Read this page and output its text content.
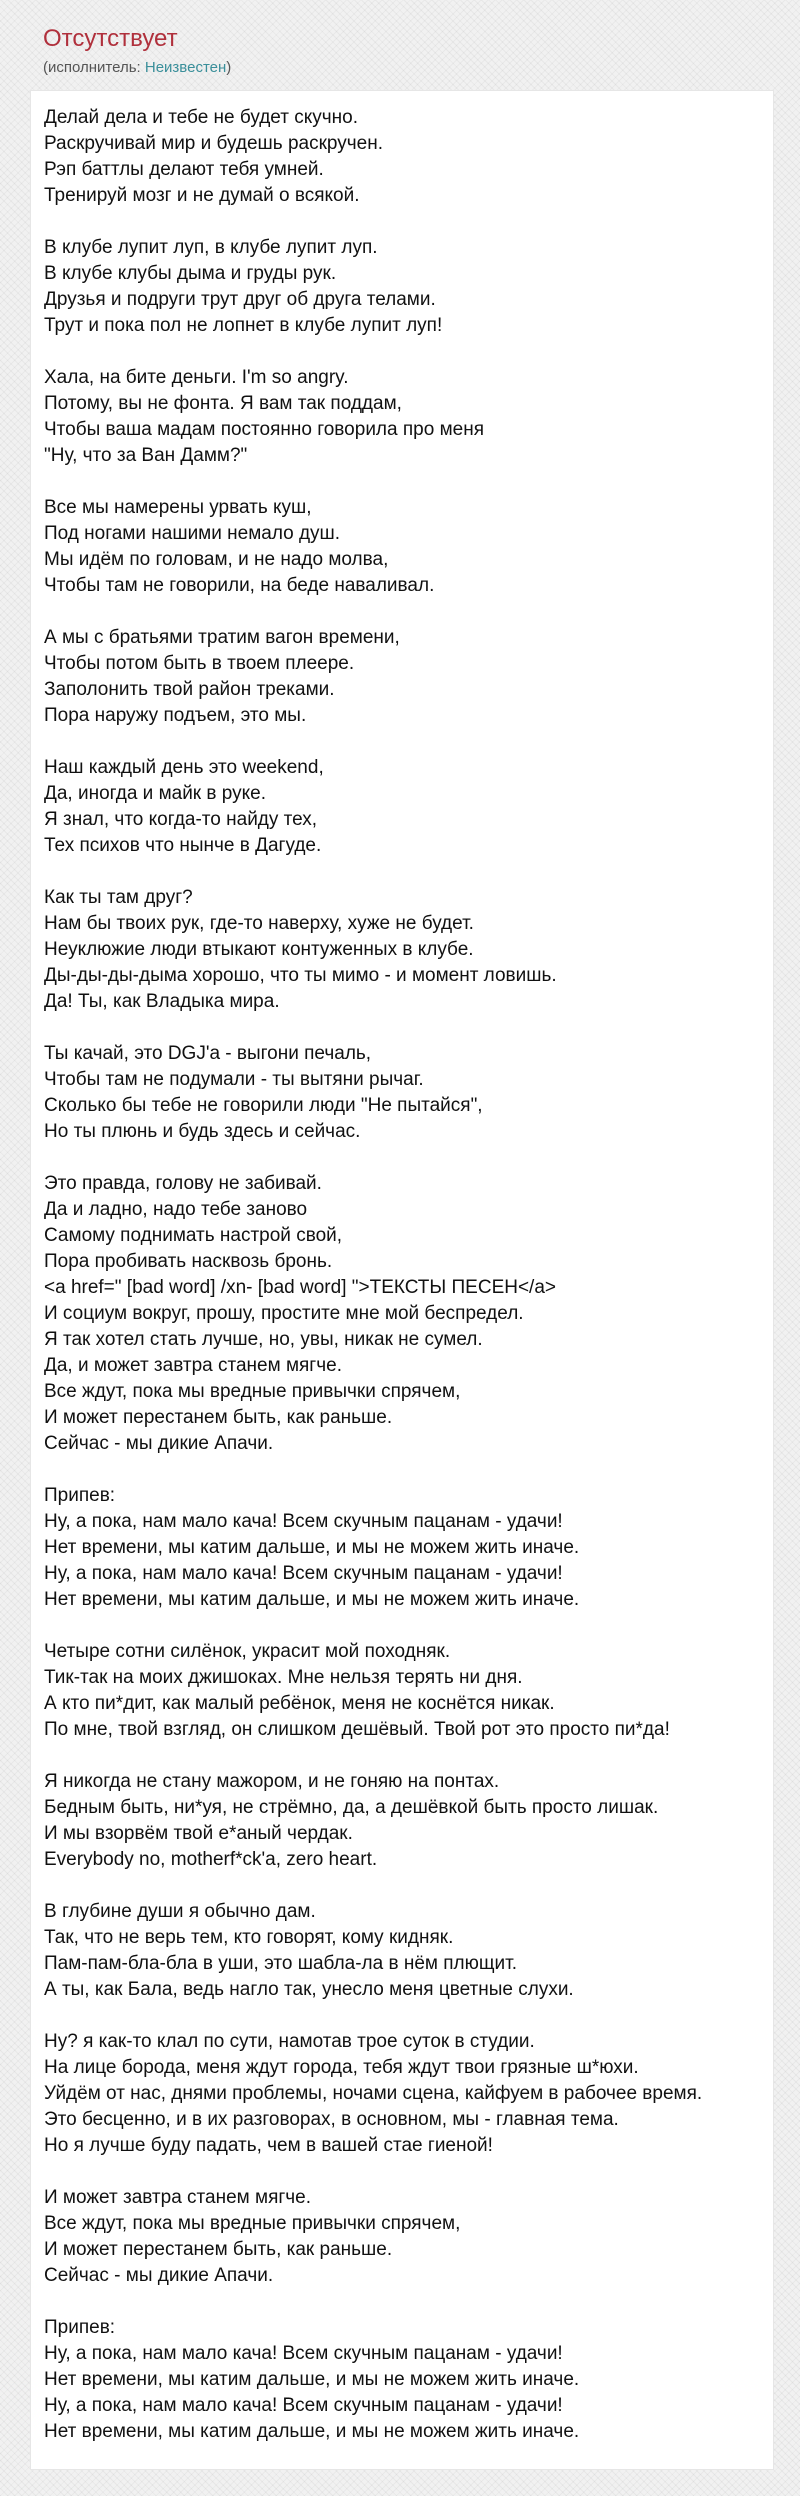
Отсутствует
(исполнитель: Неизвестен)
Делай дела и тебе не будет скучно.
Раскручивай мир и будешь раскручен.
Рэп баттлы делают тебя умней.
Тренируй мозг и не думай о всякой.
В клубе лупит луп, в клубе лупит луп.
В клубе клубы дыма и груды рук.
Друзья и подруги трут друг об друга телами.
Трут и пока пол не лопнет в клубе лупит луп!
Хала, на бите деньги. I'm so angry.
Потому, вы не фонта. Я вам так поддам,
Чтобы ваша мадам постоянно говорила про меня
"Ну, что за Ван Дамм?"
Все мы намерены урвать куш,
Под ногами нашими немало душ.
Мы идём по головам, и не надо молва,
Чтобы там не говорили, на беде наваливал.
А мы с братьями тратим вагон времени,
Чтобы потом быть в твоем плеере.
Заполонить твой район треками.
Пора наружу подъем, это мы.
Наш каждый день это weekend,
Да, иногда и майк в руке.
Я знал, что когда-то найду тех,
Тех психов что нынче в Дагуде.
Как ты там друг?
Нам бы твоих рук, где-то наверху, хуже не будет.
Неуклюжие люди втыкают контуженных в клубе.
Ды-ды-ды-дыма хорошо, что ты мимо - и момент ловишь.
Да! Ты, как Владыка мира.
Ты качай, это DGJ'a - выгони печаль,
Чтобы там не подумали - ты вытяни рычаг.
Сколько бы тебе не говорили люди "Не пытайся",
Но ты плюнь и будь здесь и сейчас.
Это правда, голову не забивай.
Да и ладно, надо тебе заново
Самому поднимать настрой свой,
Пора пробивать насквозь бронь.
<a href=" [bad word] /xn- [bad word] ">ТЕКСТЫ ПЕСЕН</a>
И социум вокруг, прошу, простите мне мой беспредел.
Я так хотел стать лучше, но, увы, никак не сумел.
Да, и может завтра станем мягче.
Все ждут, пока мы вредные привычки спрячем,
И может перестанем быть, как раньше.
Сейчас - мы дикие Апачи.
Припев:
Ну, а пока, нам мало кача! Всем скучным пацанам - удачи!
Нет времени, мы катим дальше, и мы не можем жить иначе.
Ну, а пока, нам мало кача! Всем скучным пацанам - удачи!
Нет времени, мы катим дальше, и мы не можем жить иначе.
Четыре сотни силёнок, украсит мой походняк.
Тик-так на моих джишоках. Мне нельзя терять ни дня.
А кто пи*дит, как малый ребёнок, меня не коснётся никак.
По мне, твой взгляд, он слишком дешёвый. Твой рот это просто пи*да!
Я никогда не стану мажором, и не гоняю на понтах.
Бедным быть, ни*уя, не стрёмно, да, а дешёвкой быть просто лишак.
И мы взорвём твой е*аный чердак.
Everybody no, motherf*ck'a, zero heart.
В глубине души я обычно дам.
Так, что не верь тем, кто говорят, кому кидняк.
Пам-пам-бла-бла в уши, это шабла-ла в нём плющит.
А ты, как Бала, ведь нагло так, унесло меня цветные слухи.
Ну? я как-то клал по сути, намотав трое суток в студии.
На лице борода, меня ждут города, тебя ждут твои грязные ш*юхи.
Уйдём от нас, днями проблемы, ночами сцена, кайфуем в рабочее время.
Это бесценно, и в их разговорах, в основном, мы - главная тема.
Но я лучше буду падать, чем в вашей стае гиеной!
И может завтра станем мягче.
Все ждут, пока мы вредные привычки спрячем,
И может перестанем быть, как раньше.
Сейчас - мы дикие Апачи.
Припев:
Ну, а пока, нам мало кача! Всем скучным пацанам - удачи!
Нет времени, мы катим дальше, и мы не можем жить иначе.
Ну, а пока, нам мало кача! Всем скучным пацанам - удачи!
Нет времени, мы катим дальше, и мы не можем жить иначе.
